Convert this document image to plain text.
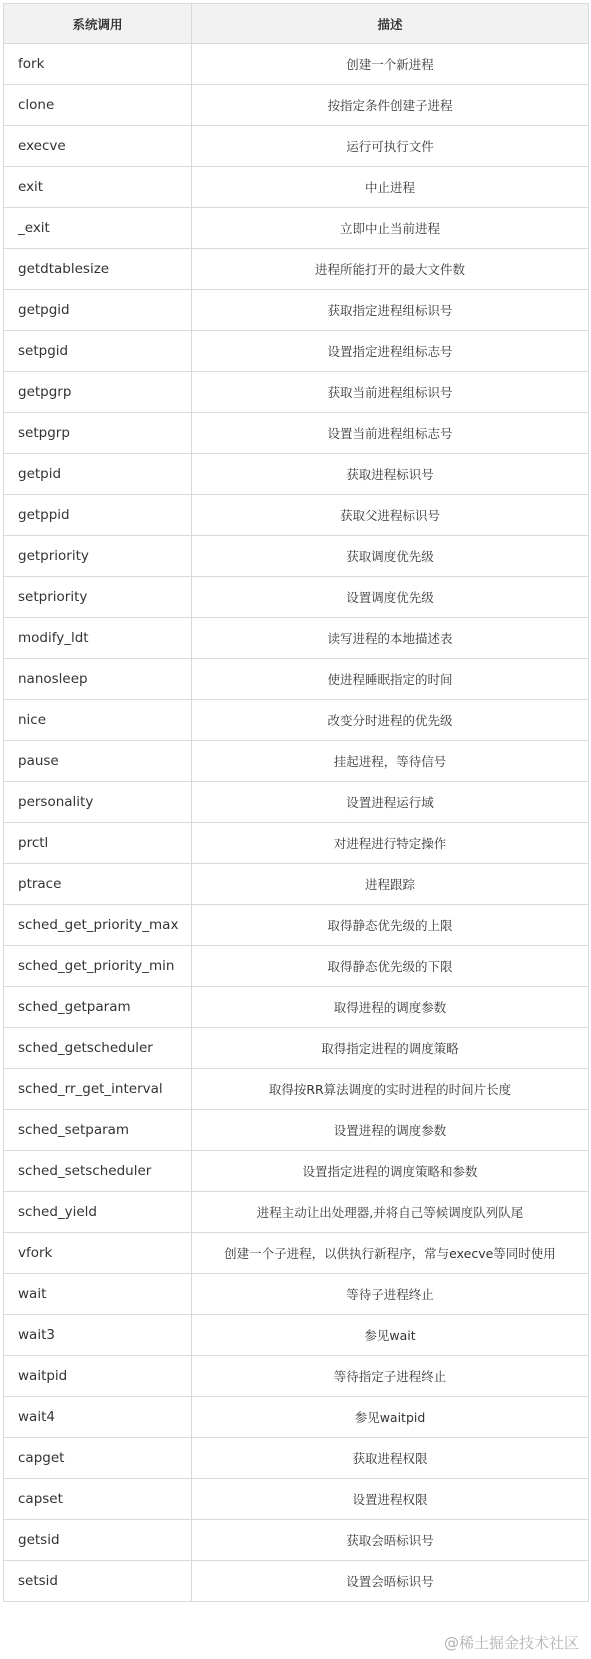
系统调用	描述
fork	创建一个新进程
clone	按指定条件创建子进程
execve	运行可执行文件
exit	中止进程
_exit	立即中止当前进程
getdtablesize	进程所能打开的最大文件数
getpgid	获取指定进程组标识号
setpgid	设置指定进程组标志号
getpgrp	获取当前进程组标识号
setpgrp	设置当前进程组标志号
getpid	获取进程标识号
getppid	获取父进程标识号
getpriority	获取调度优先级
setpriority	设置调度优先级
modify_ldt	读写进程的本地描述表
nanosleep	使进程睡眠指定的时间
nice	改变分时进程的优先级
pause	挂起进程，等待信号
personality	设置进程运行域
prctl	对进程进行特定操作
ptrace	进程跟踪
sched_get_priority_max	取得静态优先级的上限
sched_get_priority_min	取得静态优先级的下限
sched_getparam	取得进程的调度参数
sched_getscheduler	取得指定进程的调度策略
sched_rr_get_interval	取得按RR算法调度的实时进程的时间片长度
sched_setparam	设置进程的调度参数
sched_setscheduler	设置指定进程的调度策略和参数
sched_yield	进程主动让出处理器,并将自己等候调度队列队尾
vfork	创建一个子进程，以供执行新程序，常与execve等同时使用
wait	等待子进程终止
wait3	参见wait
waitpid	等待指定子进程终止
wait4	参见waitpid
capget	获取进程权限
capset	设置进程权限
getsid	获取会晤标识号
setsid	设置会晤标识号
@稀土掘金技术社区
